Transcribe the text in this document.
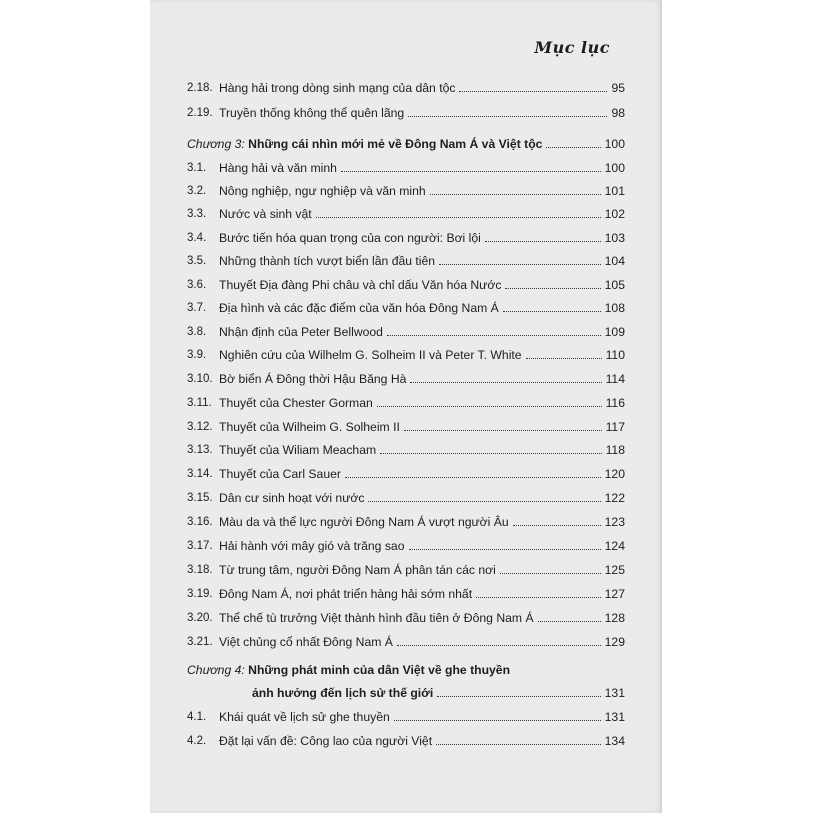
Mục lục
2.18. Hàng hải trong dòng sinh mạng của dân tộc	95
2.19. Truyền thống không thể quên lãng	98
Chương 3: Những cái nhìn mới mẻ về Đông Nam Á và Việt tộc	100
3.1.	Hàng hải và văn minh	100
3.2.	Nông nghiệp, ngư nghiệp và văn minh	101
3.3.	Nước và sinh vật	102
3.4.	Bước tiến hóa quan trọng của con người: Bơi lội	103
3.5.	Những thành tích vượt biển lần đầu tiên	104
3.6.	Thuyết Địa đàng Phi châu và chỉ dấu Văn hóa Nước	105
3.7.	Địa hình và các đặc điểm của văn hóa Đông Nam Á	108
3.8.	Nhận định của Peter Bellwood	109
3.9.	Nghiên cứu của Wilhelm G. Solheim II và Peter T. White	110
3.10. Bờ biển Á Đông thời Hậu Băng Hà	114
3.11. Thuyết của Chester Gorman	116
3.12. Thuyết của Wilheim G. Solheim II	117
3.13. Thuyết của Wiliam Meacham	118
3.14. Thuyết của Carl Sauer	120
3.15. Dân cư sinh hoạt với nước	122
3.16. Màu da và thể lực người Đông Nam Á vượt người Âu	123
3.17. Hải hành với mây gió và trăng sao	124
3.18. Từ trung tâm, người Đông Nam Á phân tán các nơi	125
3.19. Đông Nam Á, nơi phát triển hàng hải sớm nhất	127
3.20. Thể chế tù trưởng Việt thành hình đầu tiên ở Đông Nam Á	128
3.21. Việt chủng cổ nhất Đông Nam Á	129
Chương 4: Những phát minh của dân Việt về ghe thuyền
ảnh hưởng đến lịch sử thế giới	131
4.1.	Khái quát về lịch sử ghe thuyền	131
4.2.	Đặt lại vấn đề: Công lao của người Việt	134
